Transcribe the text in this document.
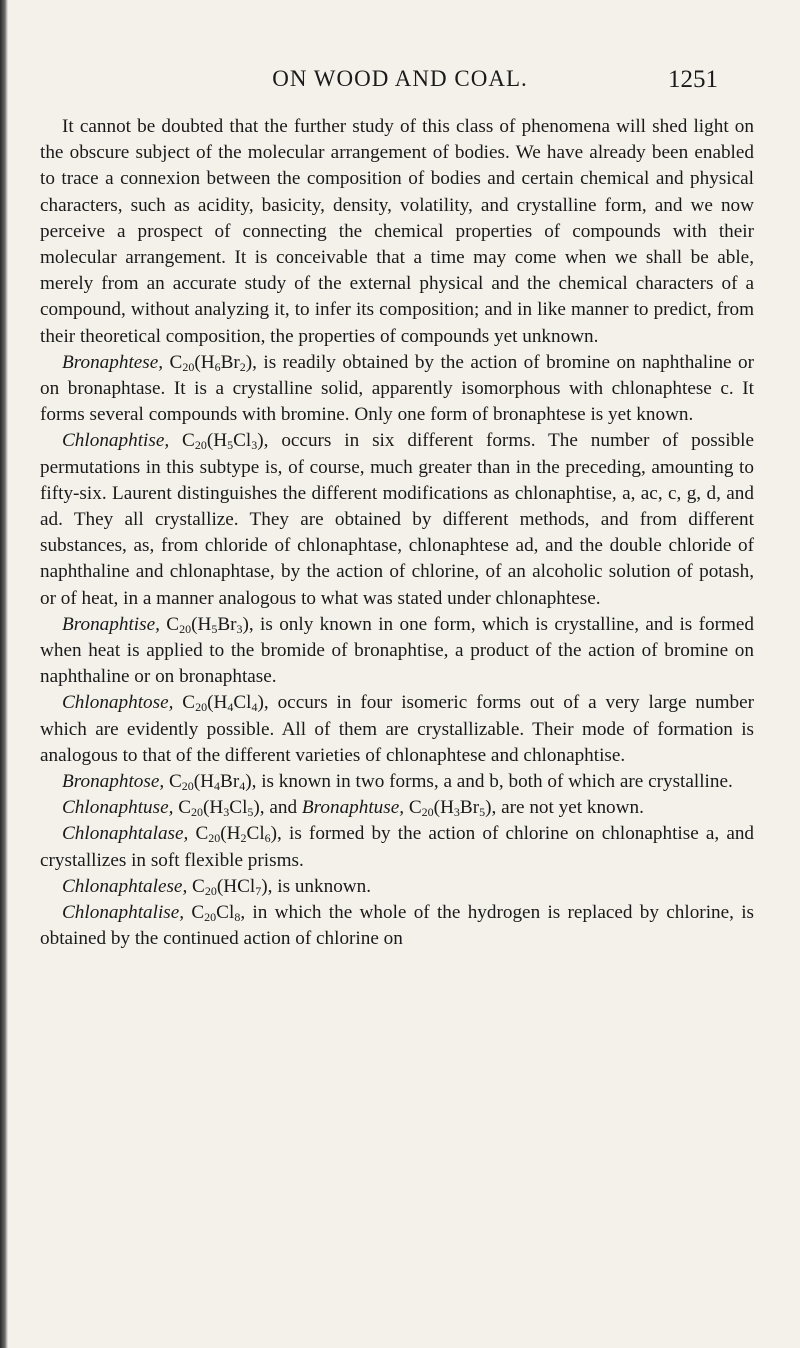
ON WOOD AND COAL.	1251

It cannot be doubted that the further study of this class of phenomena will shed light on the obscure subject of the molecular arrangement of bodies. We have already been enabled to trace a connexion between the composition of bodies and certain chemical and physical characters, such as acidity, basicity, density, volatility, and crystalline form, and we now perceive a prospect of connecting the chemical properties of compounds with their molecular arrangement. It is conceivable that a time may come when we shall be able, merely from an accurate study of the external physical and the chemical characters of a compound, without analyzing it, to infer its composition; and in like manner to predict, from their theoretical composition, the properties of compounds yet unknown.

Bronaphtese, $C_{20}(H_6Br_2)$, is readily obtained by the action of bromine on naphthaline or on bronaphtase. It is a crystalline solid, apparently isomorphous with chlonaphtese c. It forms several compounds with bromine. Only one form of bronaphtese is yet known.

Chlonaphtise, $C_{20}(H_5Cl_3)$, occurs in six different forms. The number of possible permutations in this subtype is, of course, much greater than in the preceding, amounting to fifty-six. Laurent distinguishes the different modifications as chlonaphtise, a, ac, c, g, d, and ad. They all crystallize. They are obtained by different methods, and from different substances, as, from chloride of chlonaphtase, chlonaphtese ad, and the double chloride of naphthaline and chlonaphtase, by the action of chlorine, of an alcoholic solution of potash, or of heat, in a manner analogous to what was stated under chlonaphtese.

Bronaphtise, $C_{20}(H_5Br_3)$, is only known in one form, which is crystalline, and is formed when heat is applied to the bromide of bronaphtise, a product of the action of bromine on naphthaline or on bronaphtase.

Chlonaphtose, $C_{20}(H_4Cl_4)$, occurs in four isomeric forms out of a very large number which are evidently possible. All of them are crystallizable. Their mode of formation is analogous to that of the different varieties of chlonaphtese and chlonaphtise.

Bronaphtose, $C_{20}(H_4Br_4)$, is known in two forms, a and b, both of which are crystalline.

Chlonaphtuse, $C_{20}(H_3Cl_5)$, and Bronaphtuse, $C_{20}(H_3Br_5)$, are not yet known.

Chlonaphtalase, $C_{20}(H_2Cl_6)$, is formed by the action of chlorine on chlonaphtise a, and crystallizes in soft flexible prisms.

Chlonaphtalese, $C_{20}(HCl_7)$, is unknown.

Chlonaphtalise, $C_{20}Cl_8$, in which the whole of the hydrogen is replaced by chlorine, is obtained by the continued action of chlorine on
